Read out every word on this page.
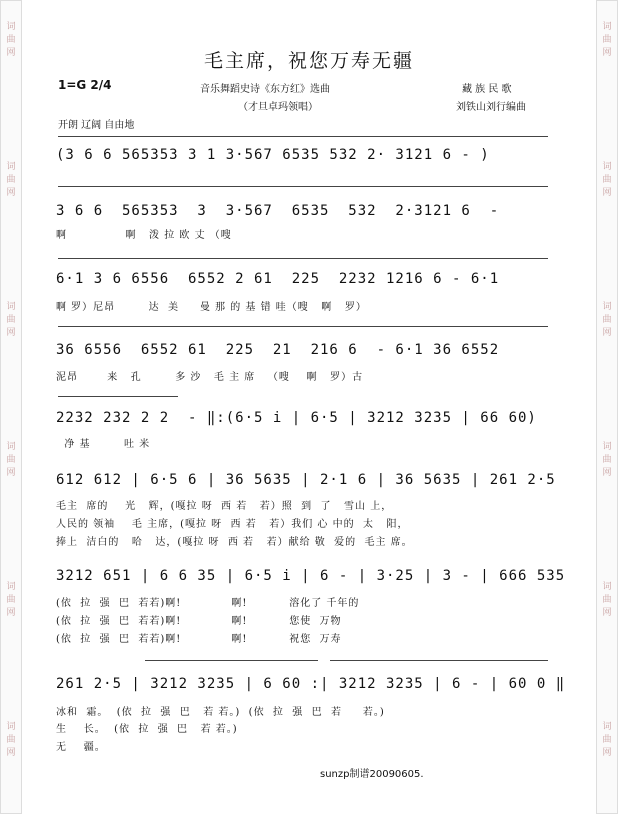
词曲网
词曲网
词曲网
词曲网
词曲网
词曲网
词曲网
词曲网
词曲网
词曲网
词曲网
词曲网
毛主席，祝您万寿无疆
音乐舞蹈史诗《东方红》选曲
（才旦卓玛领唱）
藏 族 民 歌
刘铁山刘行编曲
1=G 2/4
开朗 辽阔 自由地
(3 6 6 565353 3 1 3·567 6535 532 2· 3121 6 - )
3 6 6  565353  3  3·567  6535  532  2·3121 6  -
啊              啊   泼 拉 欧 丈 （嗖
6·1 3 6 6556  6552 2 61  225  2232 1216 6 - 6·1
啊 罗）尼昂        达  美     曼 那 的 基 错 哇（嗖   啊   罗）
36 6556  6552 61  225  21  216 6  - 6·1 36 6552
泥昂       来   孔        多 沙   毛 主 席   （嗖    啊   罗）古
2232 232 2 2  - ‖:(6·5 i | 6·5 | 3212 3235 | 66 60)
净 基        吐 米
612 612 | 6·5 6 | 36 5635 | 2·1 6 | 36 5635 | 261 2·5
毛主  席的    光   辉，(嘎拉 呀  西 若   若）照  到  了   雪山 上，
人民的 领袖    毛 主席，(嘎拉 呀  西 若   若）我们 心 中的  太   阳，
捧上  洁白的   哈   达，(嘎拉 呀  西 若   若）献给 敬  爱的  毛主 席。
3212 651 | 6 6 35 | 6·5 i | 6 - | 3·25 | 3 - | 666 535
(依  拉  强  巴  若若)啊!            啊!          溶化了 千年的
(依  拉  强  巴  若若)啊!            啊!          您使  万物
(依  拉  强  巴  若若)啊!            啊!          祝您  万寿
261 2·5 | 3212 3235 | 6 60 :| 3212 3235 | 6 - | 60 0 ‖
冰和  霜。  (依  拉  强  巴   若 若。)  (依  拉  强  巴  若     若。)
生    长。  (依  拉  强  巴   若 若。)
无    疆。
sunzp制谱20090605.
